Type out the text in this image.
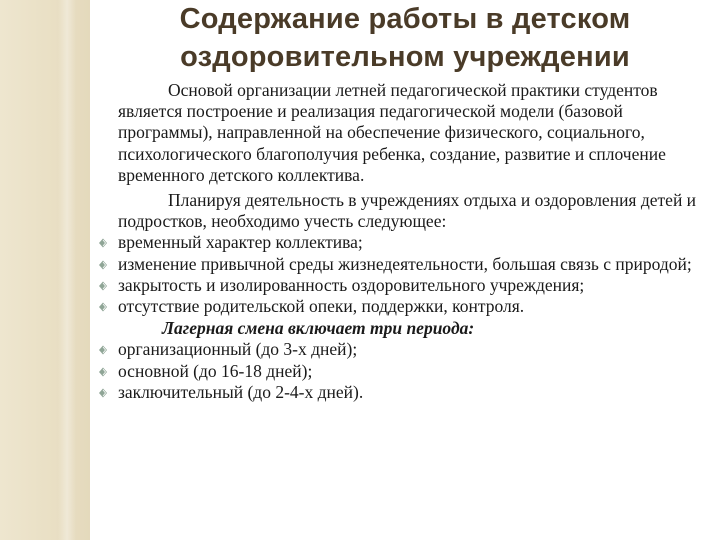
Содержание работы в детском оздоровительном учреждении

Основой организации летней педагогической практики студентов является построение и реализация педагогической модели (базовой программы), направленной на обеспечение физического, социального, психологического благополучия ребенка, создание, развитие и сплочение временного детского коллектива.

Планируя деятельность в учреждениях отдыха и оздоровления детей и подростков, необходимо учесть следующее:

временный характер коллектива;
изменение привычной среды жизнедеятельности, большая связь с природой;
закрытость и изолированность оздоровительного учреждения;
отсутствие родительской опеки, поддержки, контроля.

Лагерная смена включает три периода:

организационный (до 3-х дней);
основной (до 16-18 дней);
заключительный (до 2-4-х дней).
